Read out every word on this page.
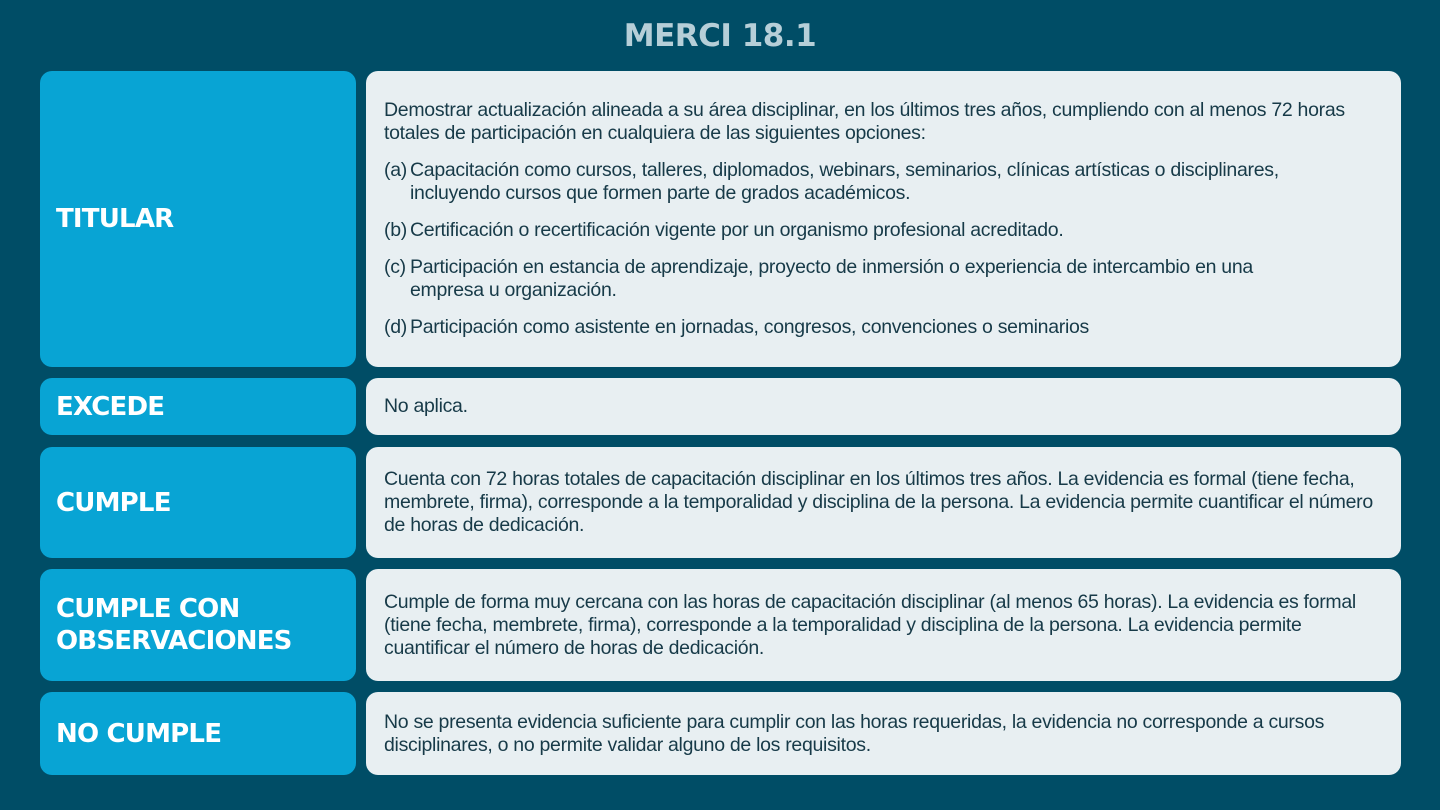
MERCI 18.1
TITULAR

Demostrar actualización alineada a su área disciplinar, en los últimos tres años, cumpliendo con al menos 72 horas totales de participación en cualquiera de las siguientes opciones:

(a) Capacitación como cursos, talleres, diplomados, webinars, seminarios, clínicas artísticas o disciplinares, incluyendo cursos que formen parte de grados académicos.
(b) Certificación o recertificación vigente por un organismo profesional acreditado.
(c) Participación en estancia de aprendizaje, proyecto de inmersión o experiencia de intercambio en una empresa u organización.
(d) Participación como asistente en jornadas, congresos, convenciones o seminarios
EXCEDE	No aplica.

CUMPLE

Cuenta con 72 horas totales de capacitación disciplinar en los últimos tres años. La evidencia es formal (tiene fecha, membrete, firma), corresponde a la temporalidad y disciplina de la persona. La evidencia permite cuantificar el número de horas de dedicación.

CUMPLE CON
OBSERVACIONES

Cumple de forma muy cercana con las horas de capacitación disciplinar (al menos 65 horas). La evidencia es formal (tiene fecha, membrete, firma), corresponde a la temporalidad y disciplina de la persona. La evidencia permite cuantificar el número de horas de dedicación.

NO CUMPLE	No se presenta evidencia suficiente para cumplir con las horas requeridas, la evidencia no corresponde a cursos disciplinares, o no permite validar alguno de los requisitos.
